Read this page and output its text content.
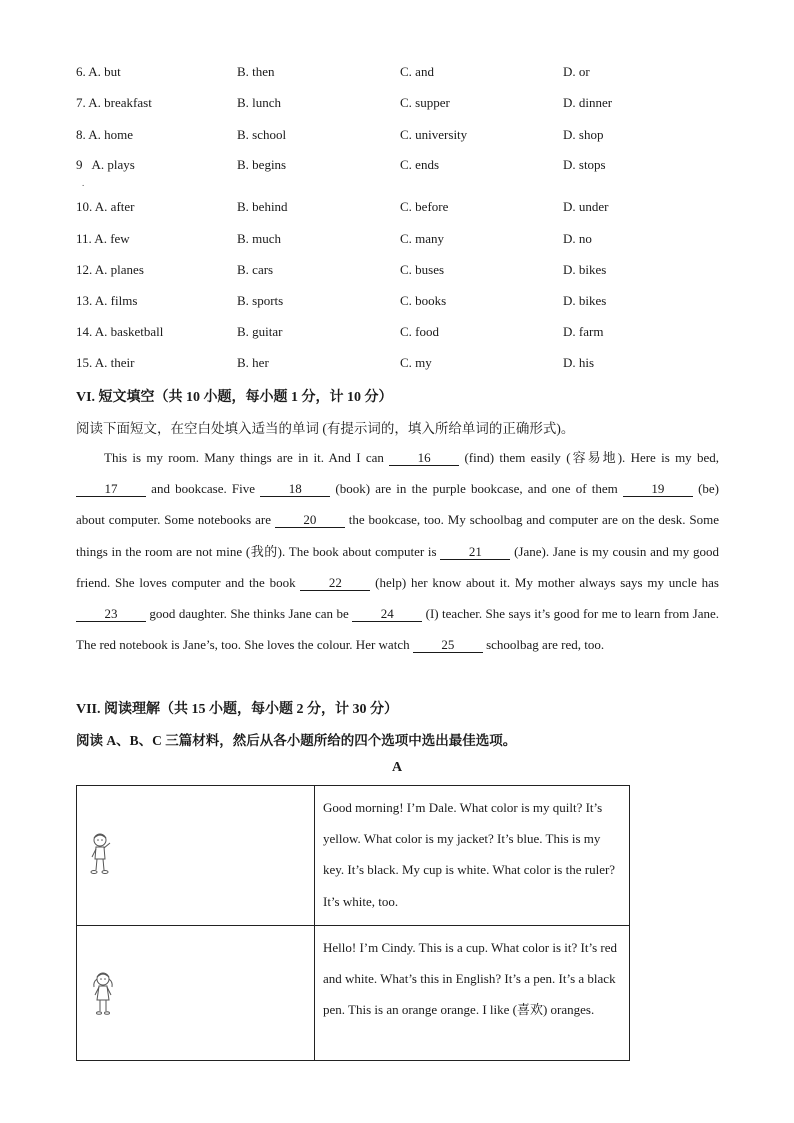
6. A. but	B. then	C. and	D. or
7. A. breakfast	B. lunch	C. supper	D. dinner
8. A. home	B. school	C. university	D. shop
9   A. plays	B. begins	C. ends	D. stops
.
10. A. after	B. behind	C. before	D. under
11. A. few	B. much	C. many	D. no
12. A. planes	B. cars	C. buses	D. bikes
13. A. films	B. sports	C. books	D. bikes
14. A. basketball	B. guitar	C. food	D. farm
15. A. their	B. her	C. my	D. his
VI. 短文填空（共 10 小题，每小题 1 分，计 10 分）
阅读下面短文，在空白处填入适当的单词 (有提示词的，填入所给单词的正确形式)。

This is my room. Many things are in it. And I can 16 (find) them easily (容易地). Here is my bed, 17 and bookcase. Five 18 (book) are in the purple bookcase, and one of them 19 (be) about computer. Some notebooks are 20 the bookcase, too. My schoolbag and computer are on the desk. Some things in the room are not mine (我的). The book about computer is 21 (Jane). Jane is my cousin and my good friend. She loves computer and the book 22 (help) her know about it. My mother always says my uncle has 23 good daughter. She thinks Jane can be 24 (I) teacher. She says it’s good for me to learn from Jane. The red notebook is Jane’s, too. She loves the colour. Her watch 25 schoolbag are red, too.

VII. 阅读理解（共 15 小题，每小题 2 分，计 30 分）
阅读 A、B、C 三篇材料，然后从各小题所给的四个选项中选出最佳选项。
A
	Good morning! I’m Dale. What color is my quilt? It’s yellow. What color is my jacket? It’s blue. This is my key. It’s black. My cup is white. What color is the ruler? It’s white, too.

	Hello! I’m Cindy. This is a cup. What color is it? It’s red and white. What’s this in English? It’s a pen. It’s a black pen. This is an orange orange. I like (喜欢) oranges.
